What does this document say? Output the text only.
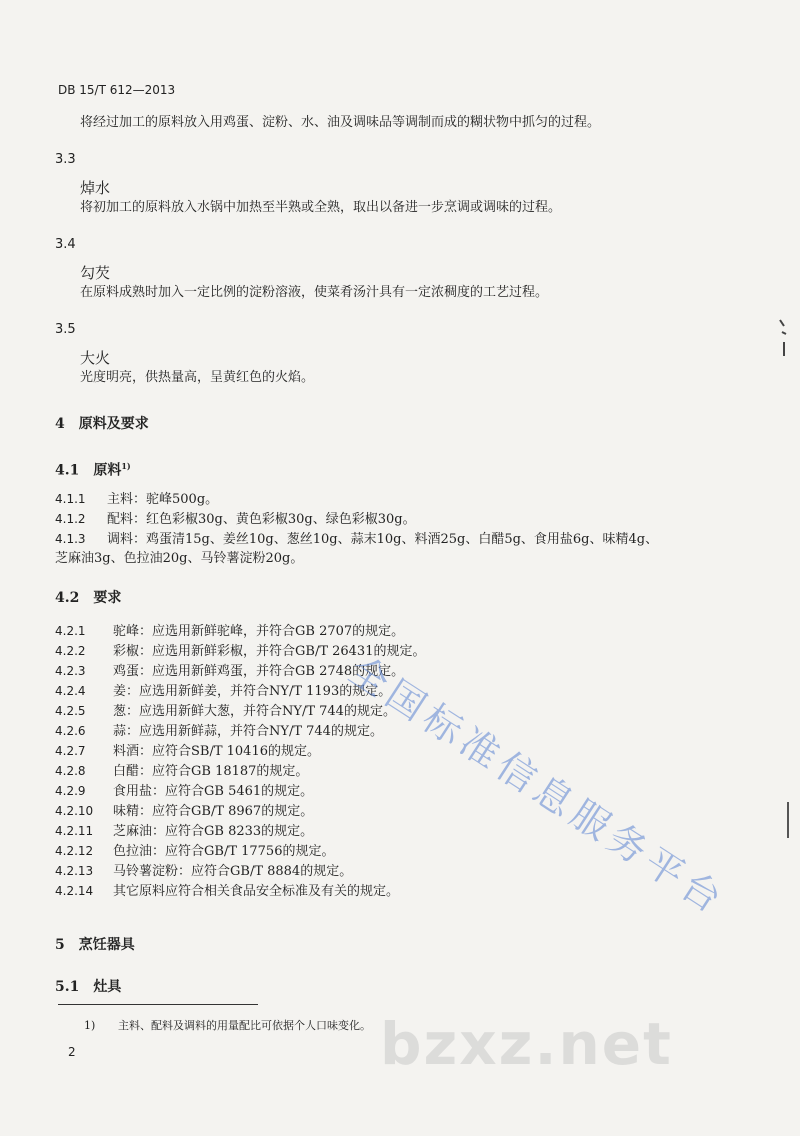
DB 15/T 612—2013
将经过加工的原料放入用鸡蛋、淀粉、水、油及调味品等调制而成的糊状物中抓匀的过程。
3.3
焯水
将初加工的原料放入水锅中加热至半熟或全熟，取出以备进一步烹调或调味的过程。
3.4
勾芡
在原料成熟时加入一定比例的淀粉溶液，使菜肴汤汁具有一定浓稠度的工艺过程。
3.5
大火
光度明亮，供热量高，呈黄红色的火焰。
4　原料及要求
4.1　原料$^{1)}$
4.1.1 主料：驼峰500g。
4.1.2 配料：红色彩椒30g、黄色彩椒30g、绿色彩椒30g。
4.1.3 调料：鸡蛋清15g、姜丝10g、葱丝10g、蒜末10g、料酒25g、白醋5g、食用盐6g、味精4g、
芝麻油3g、色拉油20g、马铃薯淀粉20g。
4.2　要求
4.2.1 驼峰：应选用新鲜驼峰，并符合GB 2707的规定。
4.2.2 彩椒：应选用新鲜彩椒，并符合GB/T 26431的规定。
4.2.3 鸡蛋：应选用新鲜鸡蛋，并符合GB 2748的规定。
4.2.4 姜：应选用新鲜姜，并符合NY/T 1193的规定。
4.2.5 葱：应选用新鲜大葱，并符合NY/T 744的规定。
4.2.6 蒜：应选用新鲜蒜，并符合NY/T 744的规定。
4.2.7 料酒：应符合SB/T 10416的规定。
4.2.8 白醋：应符合GB 18187的规定。
4.2.9 食用盐：应符合GB 5461的规定。
4.2.10 味精：应符合GB/T 8967的规定。
4.2.11 芝麻油：应符合GB 8233的规定。
4.2.12 色拉油：应符合GB/T 17756的规定。
4.2.13 马铃薯淀粉：应符合GB/T 8884的规定。
4.2.14 其它原料应符合相关食品安全标准及有关的规定。
5　烹饪器具
5.1　灶具
1) 主料、配料及调料的用量配比可依据个人口味变化。
2
全国标准信息服务平台
bzxz.net
